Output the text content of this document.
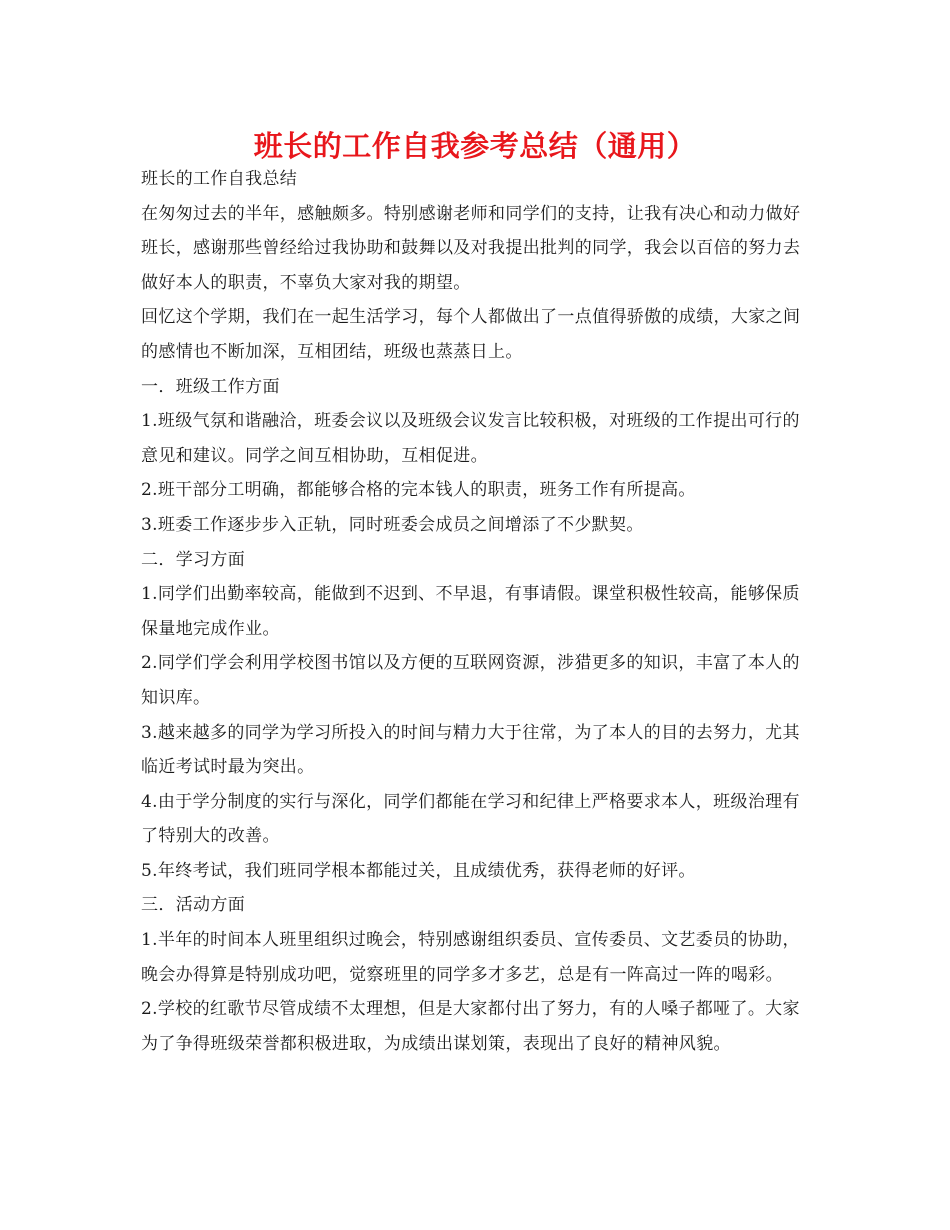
班长的工作自我参考总结（通用）

班长的工作自我总结

在匆匆过去的半年，感触颇多。特别感谢老师和同学们的支持，让我有决心和动力做好班长，感谢那些曾经给过我协助和鼓舞以及对我提出批判的同学，我会以百倍的努力去做好本人的职责，不辜负大家对我的期望。

回忆这个学期，我们在一起生活学习，每个人都做出了一点值得骄傲的成绩，大家之间的感情也不断加深，互相团结，班级也蒸蒸日上。

一．班级工作方面

1.班级气氛和谐融洽，班委会议以及班级会议发言比较积极，对班级的工作提出可行的意见和建议。同学之间互相协助，互相促进。

2.班干部分工明确，都能够合格的完本钱人的职责，班务工作有所提高。

3.班委工作逐步步入正轨，同时班委会成员之间增添了不少默契。

二．学习方面

1.同学们出勤率较高，能做到不迟到、不早退，有事请假。课堂积极性较高，能够保质保量地完成作业。

2.同学们学会利用学校图书馆以及方便的互联网资源，涉猎更多的知识，丰富了本人的知识库。

3.越来越多的同学为学习所投入的时间与精力大于往常，为了本人的目的去努力，尤其临近考试时最为突出。

4.由于学分制度的实行与深化，同学们都能在学习和纪律上严格要求本人，班级治理有了特别大的改善。

5.年终考试，我们班同学根本都能过关，且成绩优秀，获得老师的好评。

三．活动方面

1.半年的时间本人班里组织过晚会，特别感谢组织委员、宣传委员、文艺委员的协助，晚会办得算是特别成功吧，觉察班里的同学多才多艺，总是有一阵高过一阵的喝彩。

2.学校的红歌节尽管成绩不太理想，但是大家都付出了努力，有的人嗓子都哑了。大家为了争得班级荣誉都积极进取，为成绩出谋划策，表现出了良好的精神风貌。
